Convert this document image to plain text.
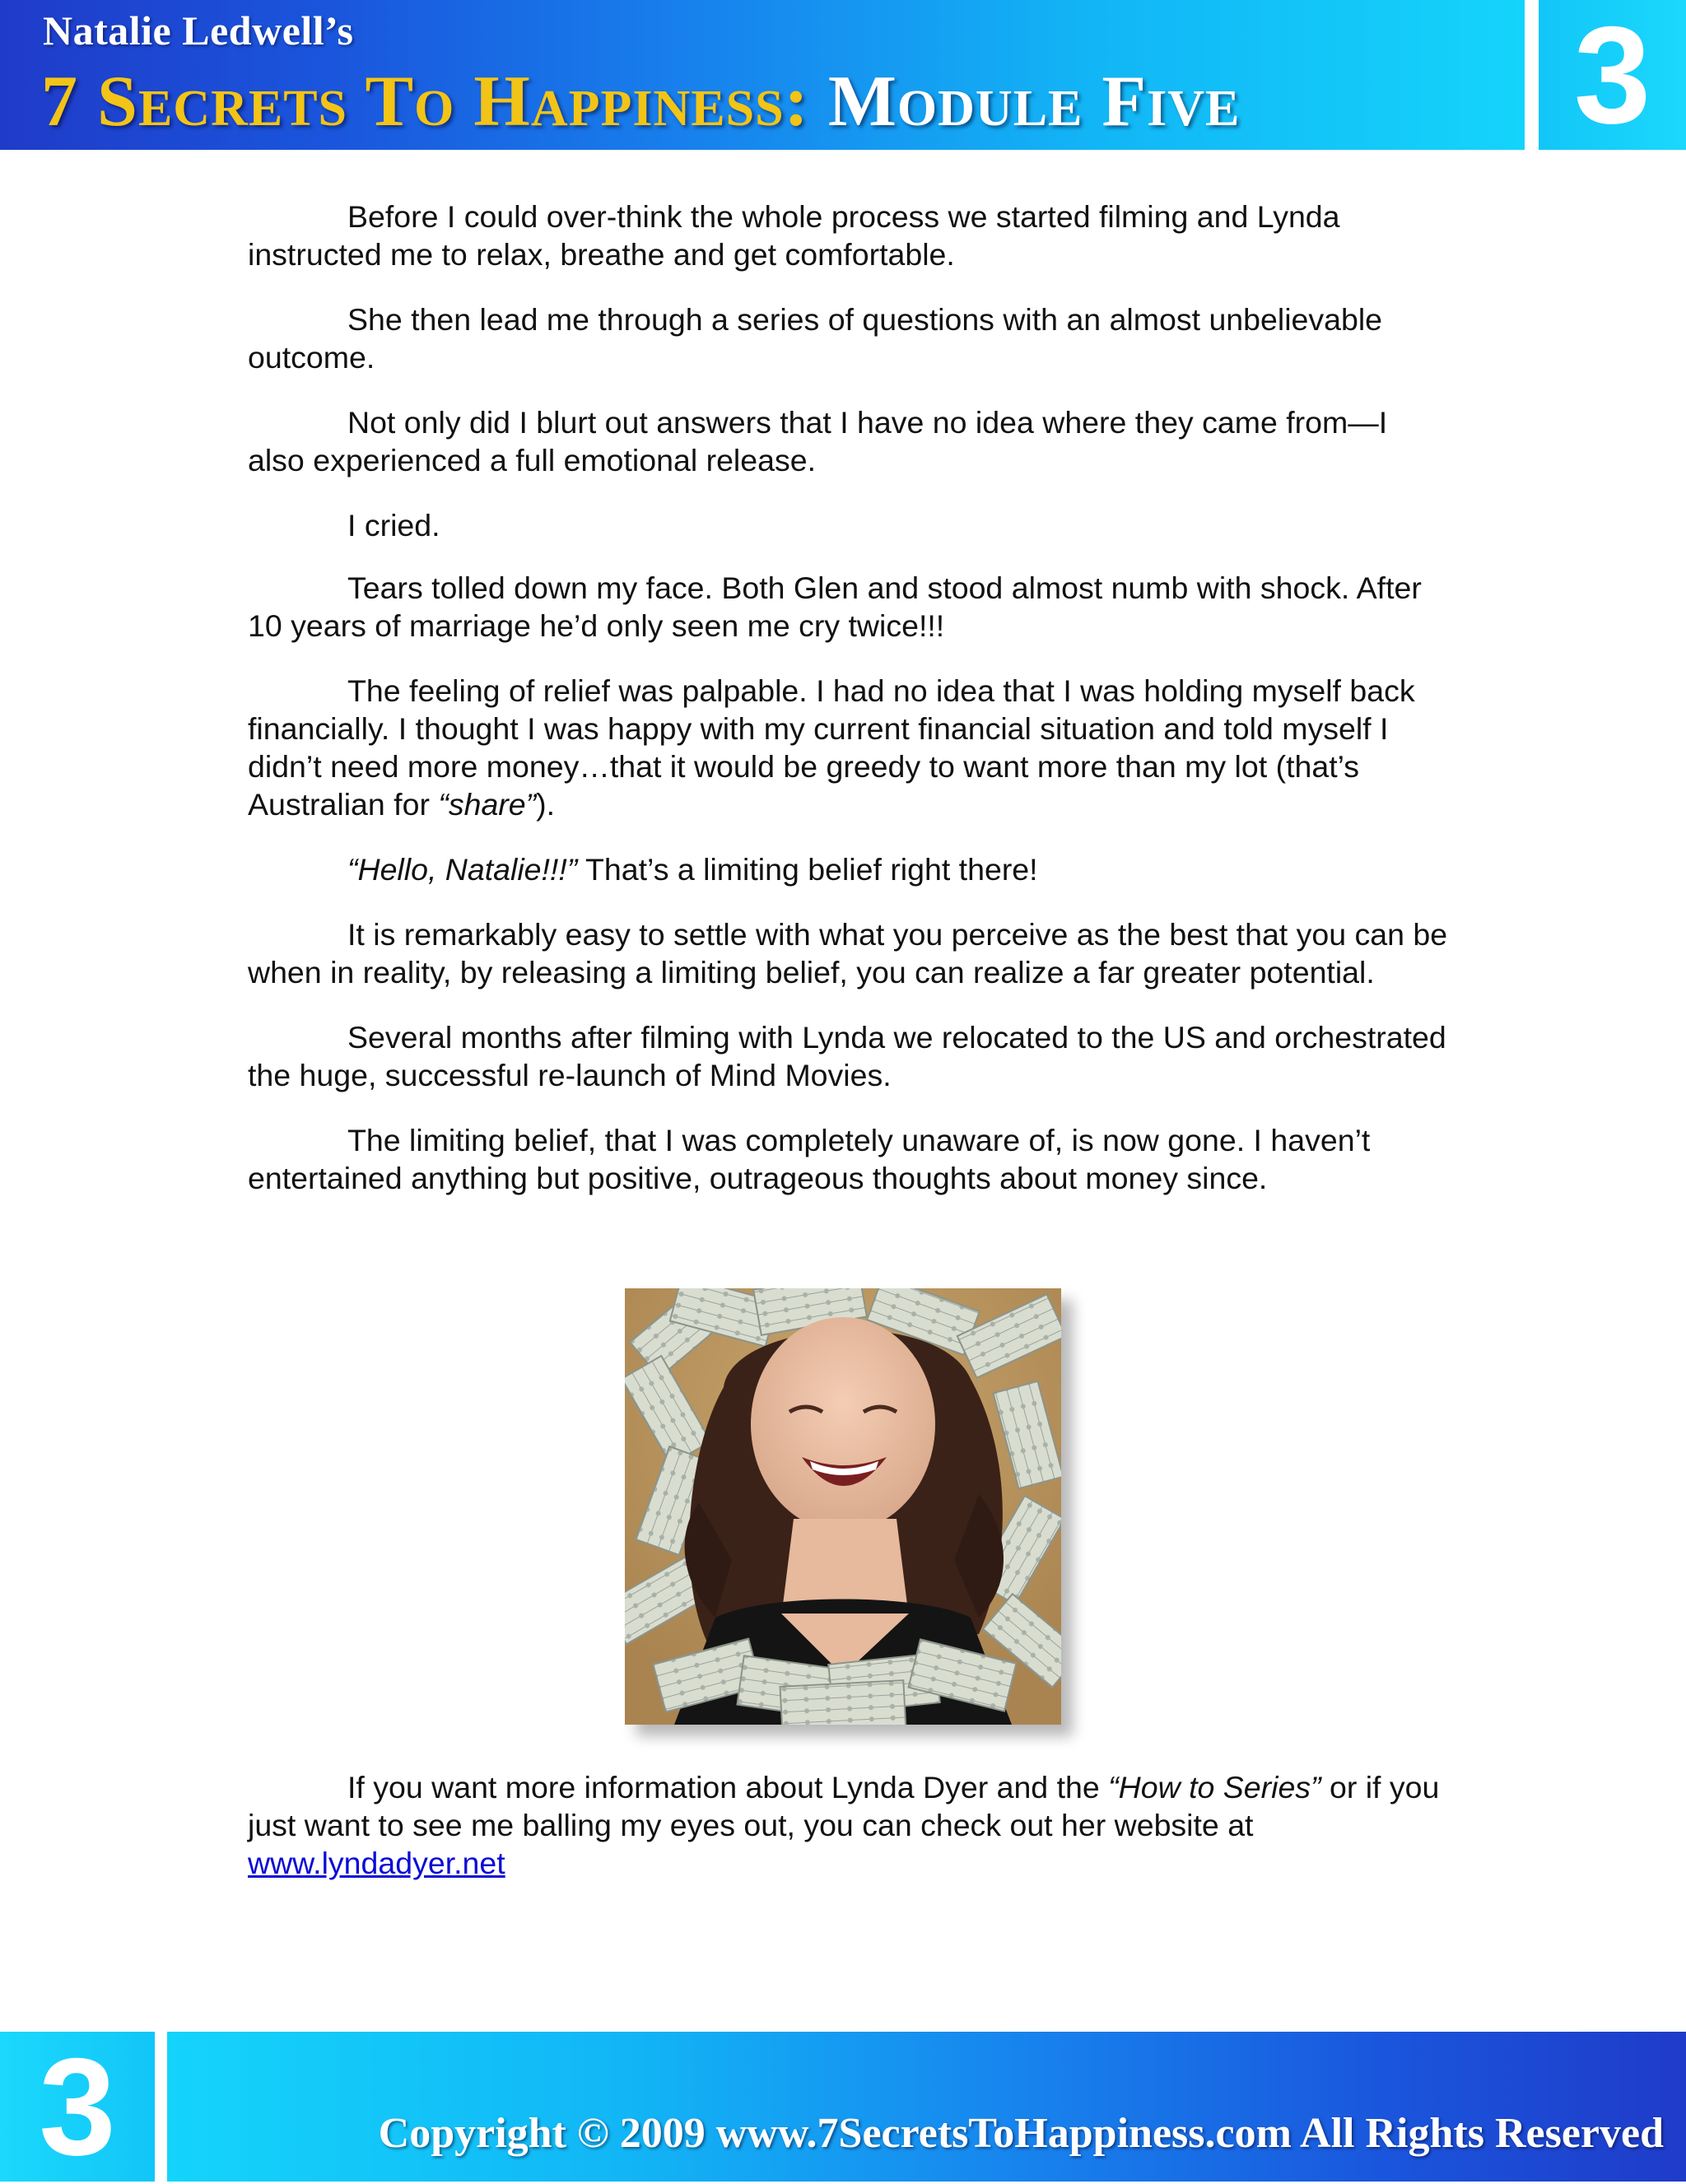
Natalie Ledwell’s
7 Secrets To Happiness: Module Five 3

Before I could over-think the whole process we started filming and Lynda instructed me to relax, breathe and get comfortable.

She then lead me through a series of questions with an almost unbelievable outcome.

Not only did I blurt out answers that I have no idea where they came from—I also experienced a full emotional release.

I cried.

Tears tolled down my face. Both Glen and stood almost numb with shock. After 10 years of marriage he’d only seen me cry twice!!!

The feeling of relief was palpable. I had no idea that I was holding myself back financially. I thought I was happy with my current financial situation and told myself I didn’t need more money…that it would be greedy to want more than my lot (that’s Australian for “share”).

“Hello, Natalie!!!” That’s a limiting belief right there!

It is remarkably easy to settle with what you perceive as the best that you can be when in reality, by releasing a limiting belief, you can realize a far greater potential.

Several months after filming with Lynda we relocated to the US and orchestrated the huge, successful re-launch of Mind Movies.

The limiting belief, that I was completely unaware of, is now gone. I haven’t entertained anything but positive, outrageous thoughts about money since.

If you want more information about Lynda Dyer and the “How to Series” or if you just want to see me balling my eyes out, you can check out her website at www.lyndadyer.net

3	Copyright © 2009 www.7SecretsToHappiness.com All Rights Reserved
